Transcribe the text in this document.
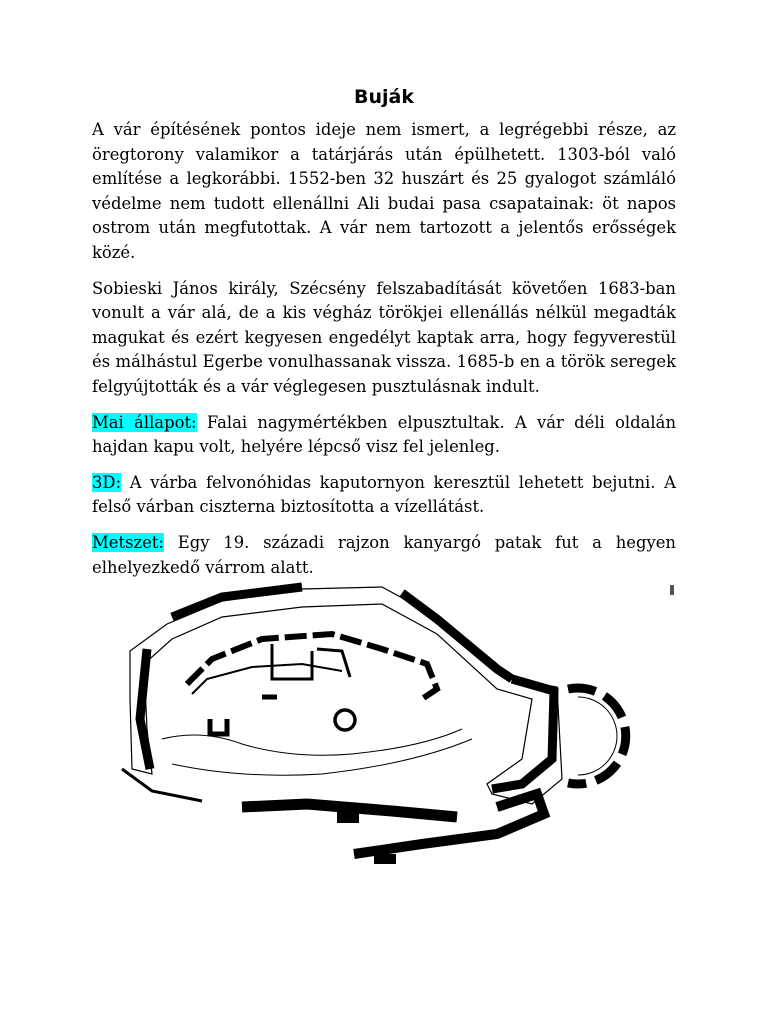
Buják

A vár építésének pontos ideje nem ismert, a legrégebbi része, az öregtorony valamikor a tatárjárás után épülhetett. 1303-ból való említése a legkorábbi. 1552-ben 32 huszárt és 25 gyalogot számláló védelme nem tudott ellenállni Ali budai pasa csapatainak: öt napos ostrom után megfutottak. A vár nem tartozott a jelentős erősségek közé.

Sobieski János király, Szécsény felszabadítását követően 1683-ban vonult a vár alá, de a kis végház törökjei ellenállás nélkül megadták magukat és ezért kegyesen engedélyt kaptak arra, hogy fegyverestül és málhástul Egerbe vonulhassanak vissza. 1685-b en a török seregek felgyújtották és a vár véglegesen pusztulásnak indult.

Mai állapot: Falai nagymértékben elpusztultak. A vár déli oldalán hajdan kapu volt, helyére lépcső visz fel jelenleg.

3D: A várba felvonóhidas kaputornyon keresztül lehetett bejutni. A felső várban ciszterna biztosította a vízellátást.

Metszet: Egy 19. századi rajzon kanyargó patak fut a hegyen elhelyezkedő várrom alatt.
